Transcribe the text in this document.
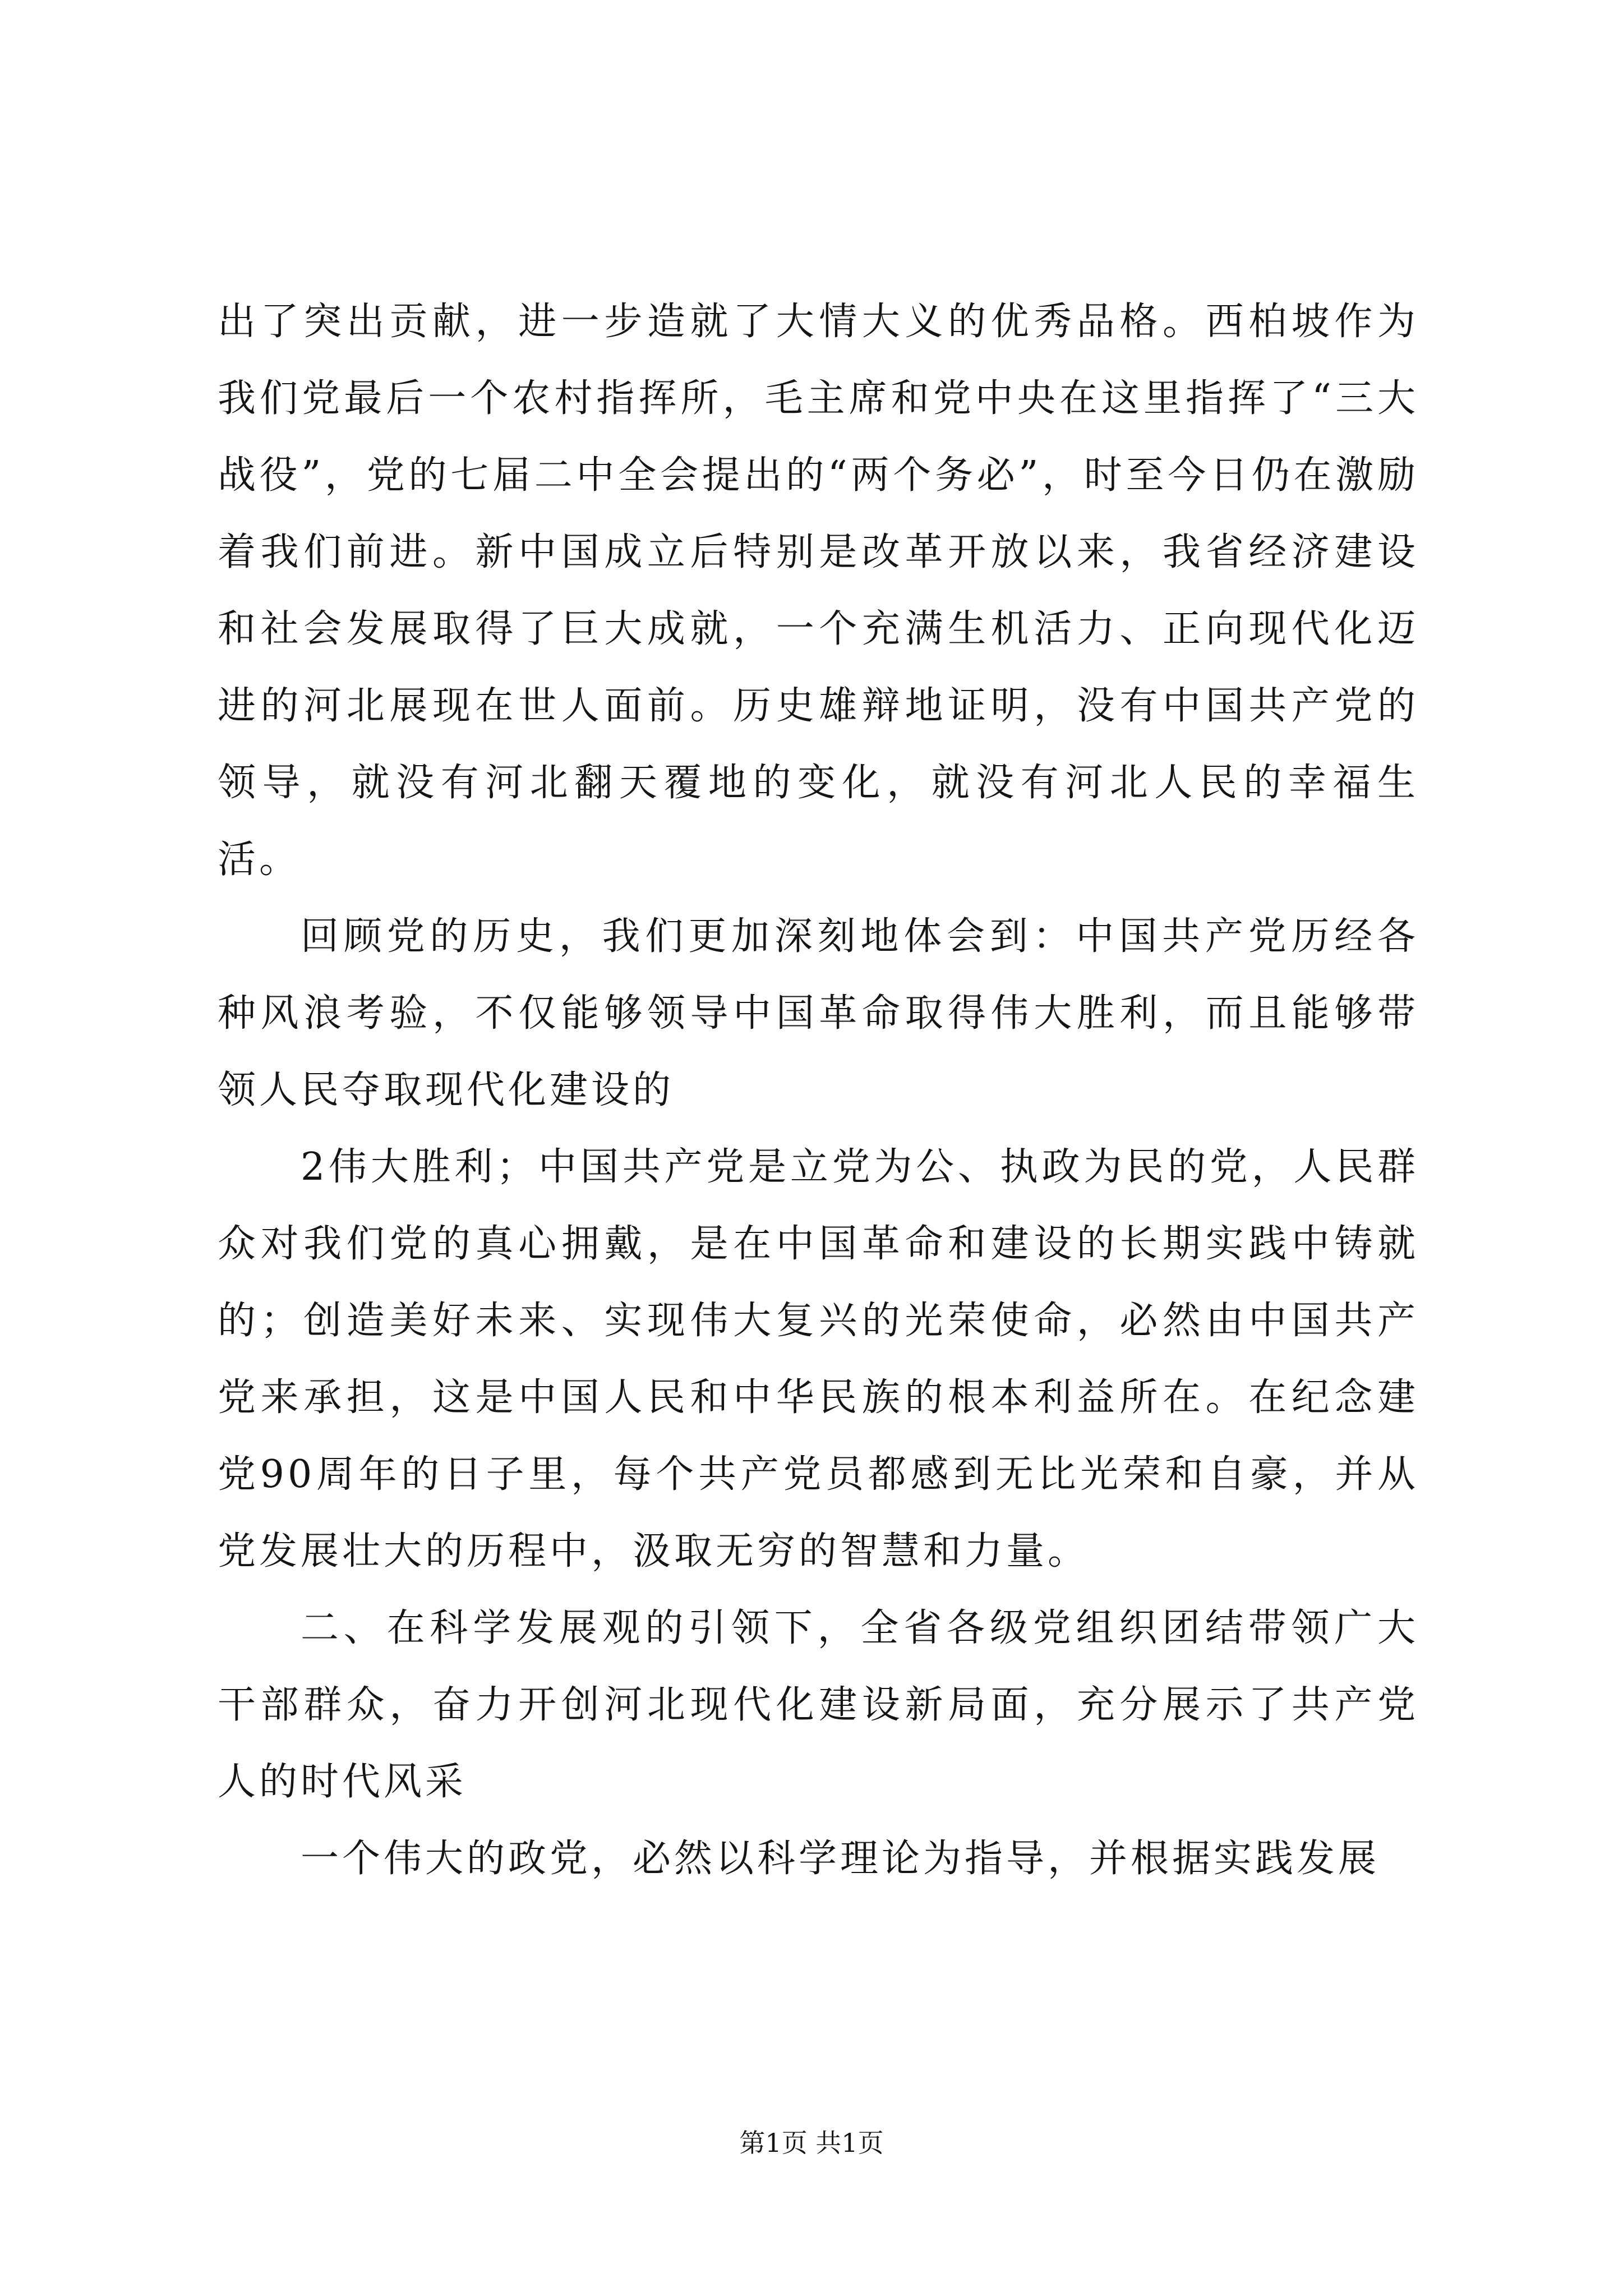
出了突出贡献，进一步造就了大情大义的优秀品格。西柏坡作为我们党最后一个农村指挥所，毛主席和党中央在这里指挥了“三大战役”，党的七届二中全会提出的“两个务必”，时至今日仍在激励着我们前进。新中国成立后特别是改革开放以来，我省经济建设和社会发展取得了巨大成就，一个充满生机活力、正向现代化迈进的河北展现在世人面前。历史雄辩地证明，没有中国共产党的领导，就没有河北翻天覆地的变化，就没有河北人民的幸福生活。

回顾党的历史，我们更加深刻地体会到：中国共产党历经各种风浪考验，不仅能够领导中国革命取得伟大胜利，而且能够带领人民夺取现代化建设的

2伟大胜利；中国共产党是立党为公、执政为民的党，人民群众对我们党的真心拥戴，是在中国革命和建设的长期实践中铸就的；创造美好未来、实现伟大复兴的光荣使命，必然由中国共产党来承担，这是中国人民和中华民族的根本利益所在。在纪念建党90周年的日子里，每个共产党员都感到无比光荣和自豪，并从党发展壮大的历程中，汲取无穷的智慧和力量。

二、在科学发展观的引领下，全省各级党组织团结带领广大干部群众，奋力开创河北现代化建设新局面，充分展示了共产党人的时代风采

一个伟大的政党，必然以科学理论为指导，并根据实践发展

第1页 共1页
